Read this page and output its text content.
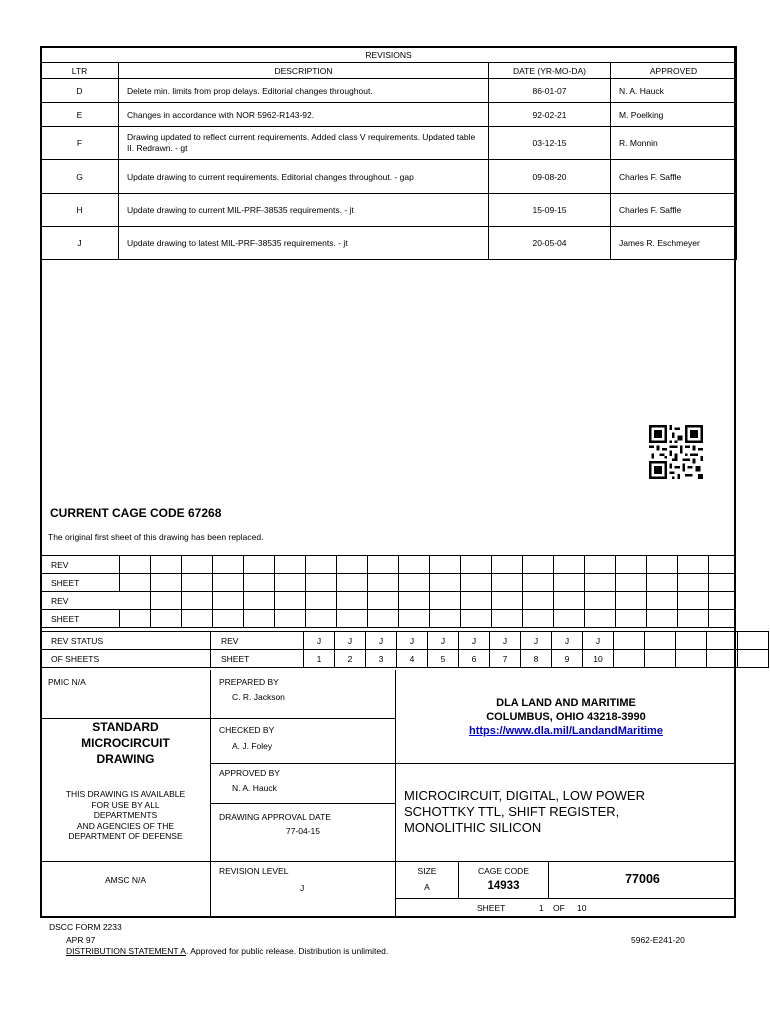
REVISIONS			
LTR	DESCRIPTION	DATE (YR-MO-DA)	APPROVED
D	Delete min. limits from prop delays. Editorial changes throughout.	86-01-07	N. A. Hauck
E	Changes in accordance with NOR 5962-R143-92.	92-02-21	M. Poelking
F	Drawing updated to reflect current requirements. Added class V requirements. Updated table II. Redrawn. - gt	03-12-15	R. Monnin
G	Update drawing to current requirements. Editorial changes throughout. - gap	09-08-20	Charles F. Saffle
H	Update drawing to current MIL-PRF-38535 requirements. - jt	15-09-15	Charles F. Saffle
J	Update drawing to latest MIL-PRF-38535 requirements. - jt	20-05-04	James R. Eschmeyer
CURRENT CAGE CODE 67268
The original first sheet of this drawing has been replaced.
REV																				
SHEET																				
REV																				
SHEET																				
REV STATUS	REV	J	J	J	J	J	J	J	J	J	J					
OF SHEETS	SHEET	1	2	3	4	5	6	7	8	9	10					
PMIC N/A
STANDARD
MICROCIRCUIT
DRAWING
THIS DRAWING IS AVAILABLE
FOR USE BY ALL
DEPARTMENTS
AND AGENCIES OF THE
DEPARTMENT OF DEFENSE
AMSC N/A
PREPARED BY
C. R. Jackson
CHECKED BY
A. J. Foley
APPROVED BY
N. A. Hauck
DRAWING APPROVAL DATE
77-04-15
REVISION LEVEL
J
DLA LAND AND MARITIME
COLUMBUS, OHIO 43218-3990
https://www.dla.mil/LandandMaritime
MICROCIRCUIT, DIGITAL, LOW POWER
SCHOTTKY TTL, SHIFT REGISTER,
MONOLITHIC SILICON
SIZE
A
CAGE CODE
14933	77006
SHEET	1 OF 10
DSCC FORM 2233
APR 97
DISTRIBUTION STATEMENT A. Approved for public release. Distribution is unlimited.
5962-E241-20
